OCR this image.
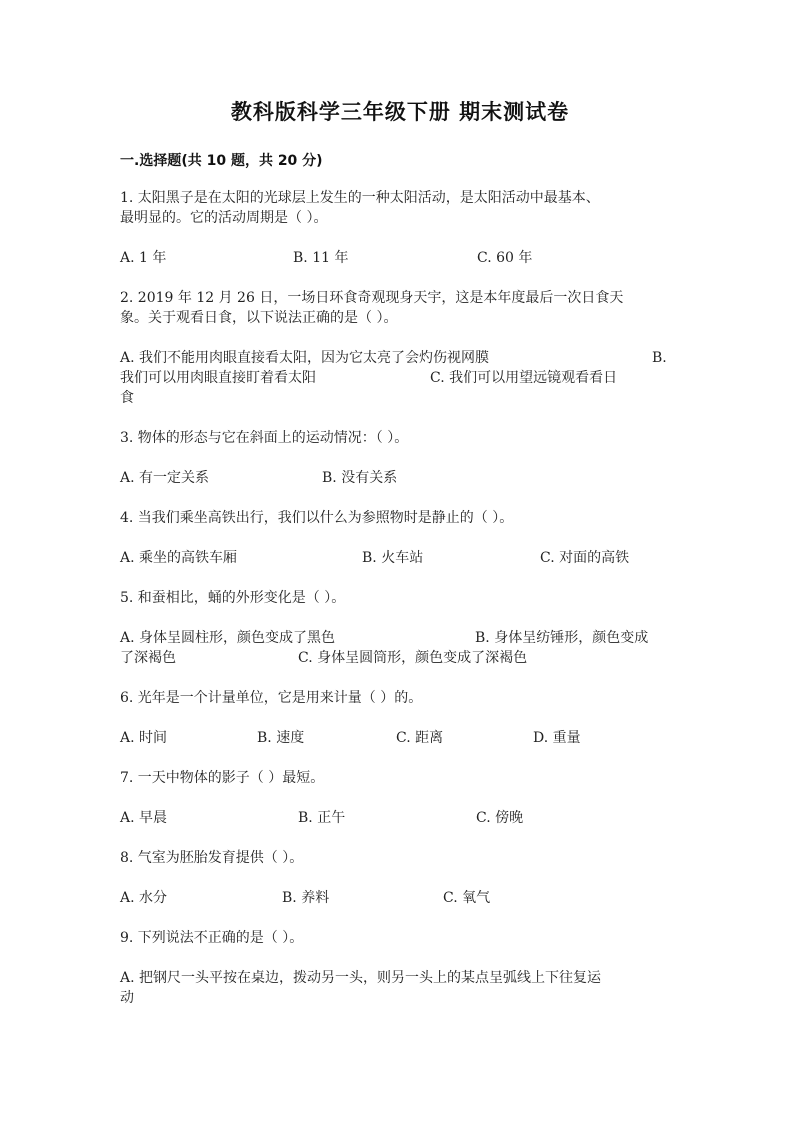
教科版科学三年级下册 期末测试卷
一.选择题(共 10 题，共 20 分)
1. 太阳黑子是在太阳的光球层上发生的一种太阳活动，是太阳活动中最基本、
最明显的。它的活动周期是（ ）。
A. 1 年	B. 11 年	C. 60 年
2. 2019 年 12 月 26 日，一场日环食奇观现身天宇，这是本年度最后一次日食天
象。关于观看日食，以下说法正确的是（ ）。
A. 我们不能用肉眼直接看太阳，因为它太亮了会灼伤视网膜	B.
我们可以用肉眼直接盯着看太阳	C. 我们可以用望远镜观看看日
食
3. 物体的形态与它在斜面上的运动情况：（ ）。
A. 有一定关系	B. 没有关系
4. 当我们乘坐高铁出行，我们以什么为参照物时是静止的（ ）。
A. 乘坐的高铁车厢	B. 火车站	C. 对面的高铁
5. 和蚕相比，蛹的外形变化是（ ）。
A. 身体呈圆柱形，颜色变成了黑色	B. 身体呈纺锤形，颜色变成
了深褐色	C. 身体呈圆筒形，颜色变成了深褐色
6. 光年是一个计量单位，它是用来计量（ ）的。
A. 时间	B. 速度	C. 距离	D. 重量
7. 一天中物体的影子（ ）最短。
A. 早晨	B. 正午	C. 傍晚
8. 气室为胚胎发育提供（ ）。
A. 水分	B. 养料	C. 氧气
9. 下列说法不正确的是（ ）。
A. 把钢尺一头平按在桌边，拨动另一头，则另一头上的某点呈弧线上下往复运
动
